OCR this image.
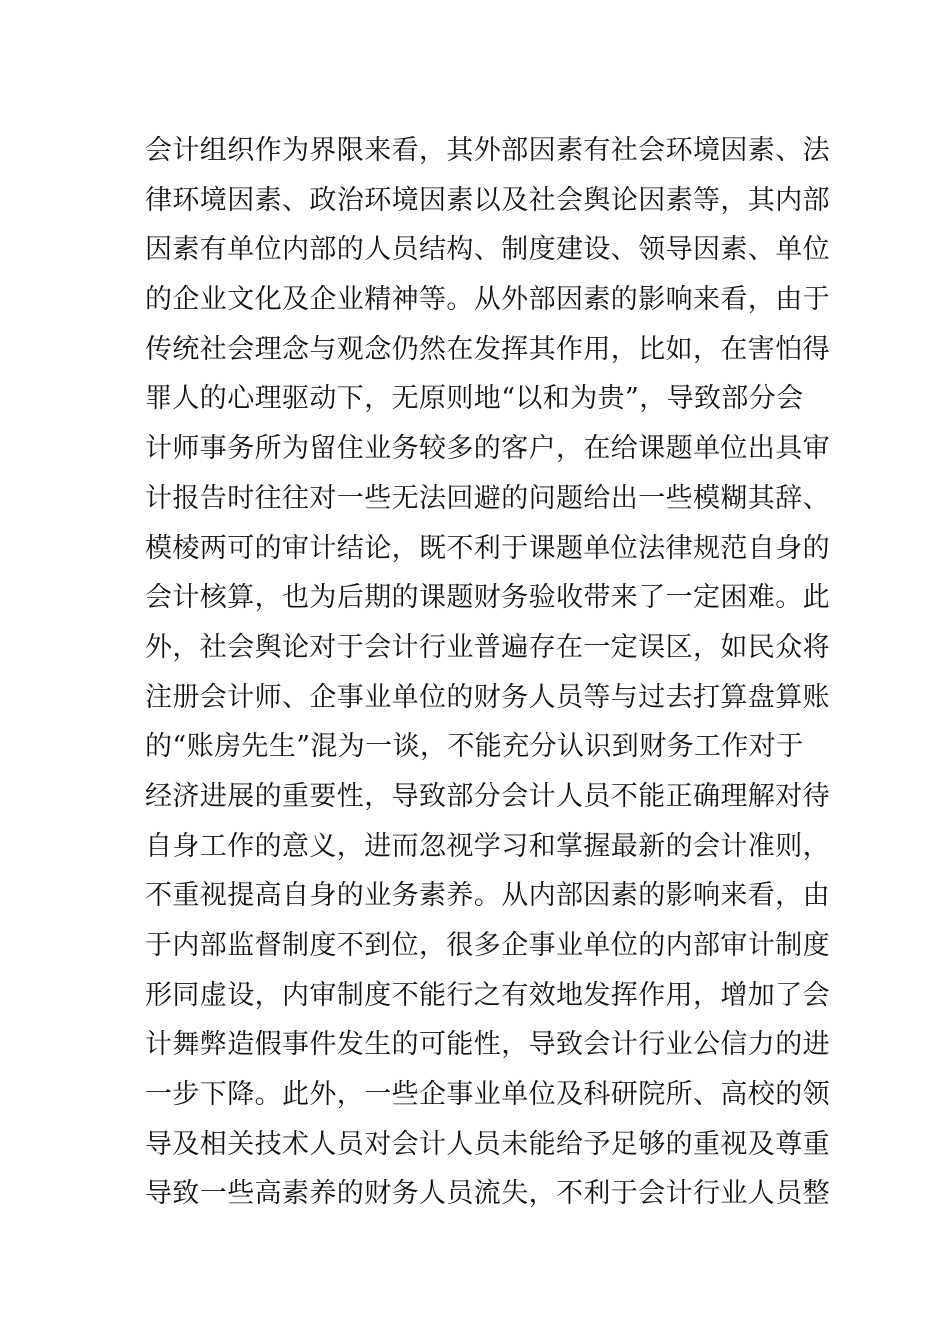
会计组织作为界限来看，其外部因素有社会环境因素、法
律环境因素、政治环境因素以及社会舆论因素等，其内部
因素有单位内部的人员结构、制度建设、领导因素、单位
的企业文化及企业精神等。从外部因素的影响来看，由于
传统社会理念与观念仍然在发挥其作用，比如，在害怕得
罪人的心理驱动下，无原则地“以和为贵”，导致部分会
计师事务所为留住业务较多的客户，在给课题单位出具审
计报告时往往对一些无法回避的问题给出一些模糊其辞、
模棱两可的审计结论，既不利于课题单位法律规范自身的
会计核算，也为后期的课题财务验收带来了一定困难。此
外，社会舆论对于会计行业普遍存在一定误区，如民众将
注册会计师、企事业单位的财务人员等与过去打算盘算账
的“账房先生”混为一谈，不能充分认识到财务工作对于
经济进展的重要性，导致部分会计人员不能正确理解对待
自身工作的意义，进而忽视学习和掌握最新的会计准则，
不重视提高自身的业务素养。从内部因素的影响来看，由
于内部监督制度不到位，很多企事业单位的内部审计制度
形同虚设，内审制度不能行之有效地发挥作用，增加了会
计舞弊造假事件发生的可能性，导致会计行业公信力的进
一步下降。此外，一些企事业单位及科研院所、高校的领
导及相关技术人员对会计人员未能给予足够的重视及尊重
导致一些高素养的财务人员流失，不利于会计行业人员整
